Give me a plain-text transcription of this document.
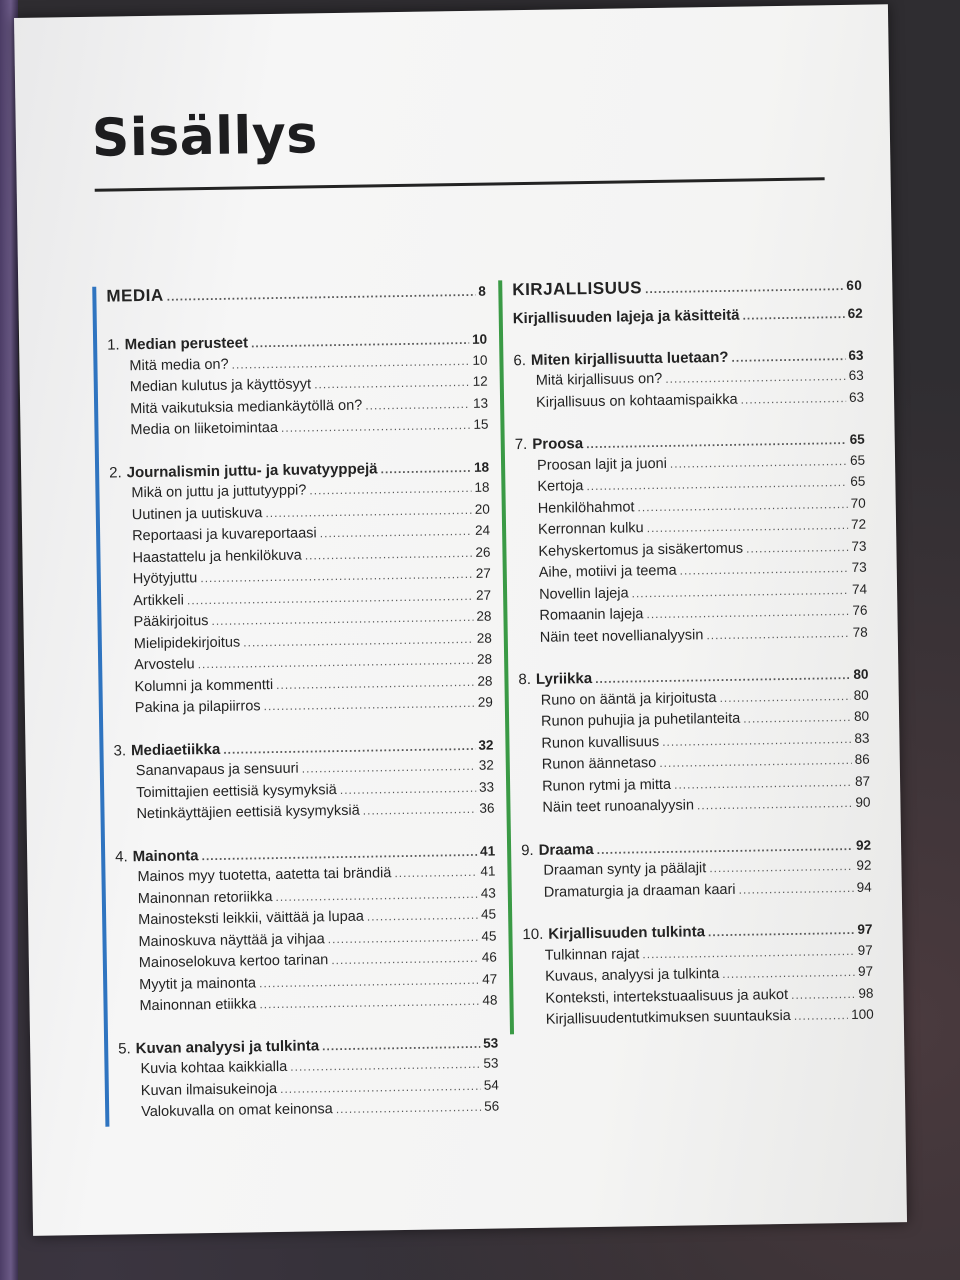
Sisällys
MEDIA .....	8
1. Median perusteet .....	10
Mitä media on? .....	10
Median kulutus ja käyttösyyt .....	12
Mitä vaikutuksia mediankäytöllä on? .....	13
Media on liiketoimintaa .....	15
2. Journalismin juttu- ja kuvatyyppejä .....	18
Mikä on juttu ja juttutyyppi? .....	18
Uutinen ja uutiskuva .....	20
Reportaasi ja kuvareportaasi .....	24
Haastattelu ja henkilökuva .....	26
Hyötyjuttu .....	27
Artikkeli .....	27
Pääkirjoitus .....	28
Mielipidekirjoitus .....	28
Arvostelu .....	28
Kolumni ja kommentti .....	28
Pakina ja pilapiirros .....	29
3. Mediaetiikka .....	32
Sananvapaus ja sensuuri .....	32
Toimittajien eettisiä kysymyksiä .....	33
Netinkäyttäjien eettisiä kysymyksiä .....	36
4. Mainonta .....	41
Mainos myy tuotetta, aatetta tai brändiä .....	41
Mainonnan retoriikka .....	43
Mainosteksti leikkii, väittää ja lupaa .....	45
Mainoskuva näyttää ja vihjaa .....	45
Mainoselokuva kertoo tarinan .....	46
Myytit ja mainonta .....	47
Mainonnan etiikka .....	48
5. Kuvan analyysi ja tulkinta .....	53
Kuvia kohtaa kaikkialla .....	53
Kuvan ilmaisukeinoja .....	54
Valokuvalla on omat keinonsa .....	56
KIRJALLISUUS .....	60
Kirjallisuuden lajeja ja käsitteitä .....	62
6. Miten kirjallisuutta luetaan? .....	63
Mitä kirjallisuus on? .....	63
Kirjallisuus on kohtaamispaikka .....	63
7. Proosa .....	65
Proosan lajit ja juoni .....	65
Kertoja .....	65
Henkilöhahmot .....	70
Kerronnan kulku .....	72
Kehyskertomus ja sisäkertomus .....	73
Aihe, motiivi ja teema .....	73
Novellin lajeja .....	74
Romaanin lajeja .....	76
Näin teet novellianalyysin .....	78
8. Lyriikka .....	80
Runo on ääntä ja kirjoitusta .....	80
Runon puhujia ja puhetilanteita .....	80
Runon kuvallisuus .....	83
Runon äännetaso .....	86
Runon rytmi ja mitta .....	87
Näin teet runoanalyysin .....	90
9. Draama .....	92
Draaman synty ja päälajit .....	92
Dramaturgia ja draaman kaari .....	94
10. Kirjallisuuden tulkinta .....	97
Tulkinnan rajat .....	97
Kuvaus, analyysi ja tulkinta .....	97
Konteksti, intertekstuaalisuus ja aukot .....	98
Kirjallisuudentutkimuksen suuntauksia .....	100
